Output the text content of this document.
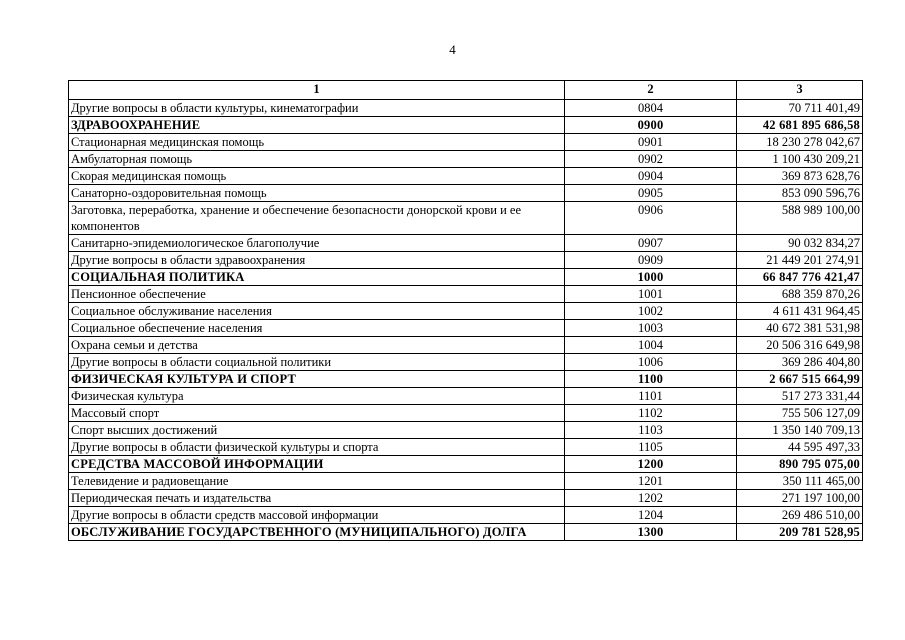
4
1	2	3
Другие вопросы в области культуры, кинематографии	0804	70 711 401,49
ЗДРАВООХРАНЕНИЕ	0900	42 681 895 686,58
Стационарная медицинская помощь	0901	18 230 278 042,67
Амбулаторная помощь	0902	1 100 430 209,21
Скорая медицинская помощь	0904	369 873 628,76
Санаторно-оздоровительная помощь	0905	853 090 596,76
Заготовка, переработка, хранение и обеспечение безопасности донорской крови и ее компонентов	0906	588 989 100,00
Санитарно-эпидемиологическое благополучие	0907	90 032 834,27
Другие вопросы в области здравоохранения	0909	21 449 201 274,91
СОЦИАЛЬНАЯ ПОЛИТИКА	1000	66 847 776 421,47
Пенсионное обеспечение	1001	688 359 870,26
Социальное обслуживание населения	1002	4 611 431 964,45
Социальное обеспечение населения	1003	40 672 381 531,98
Охрана семьи и детства	1004	20 506 316 649,98
Другие вопросы в области социальной политики	1006	369 286 404,80
ФИЗИЧЕСКАЯ КУЛЬТУРА И СПОРТ	1100	2 667 515 664,99
Физическая культура	1101	517 273 331,44
Массовый спорт	1102	755 506 127,09
Спорт высших достижений	1103	1 350 140 709,13
Другие вопросы в области физической культуры и спорта	1105	44 595 497,33
СРЕДСТВА МАССОВОЙ ИНФОРМАЦИИ	1200	890 795 075,00
Телевидение и радиовещание	1201	350 111 465,00
Периодическая печать и издательства	1202	271 197 100,00
Другие вопросы в области средств массовой информации	1204	269 486 510,00
ОБСЛУЖИВАНИЕ ГОСУДАРСТВЕННОГО (МУНИЦИПАЛЬНОГО) ДОЛГА	1300	209 781 528,95
